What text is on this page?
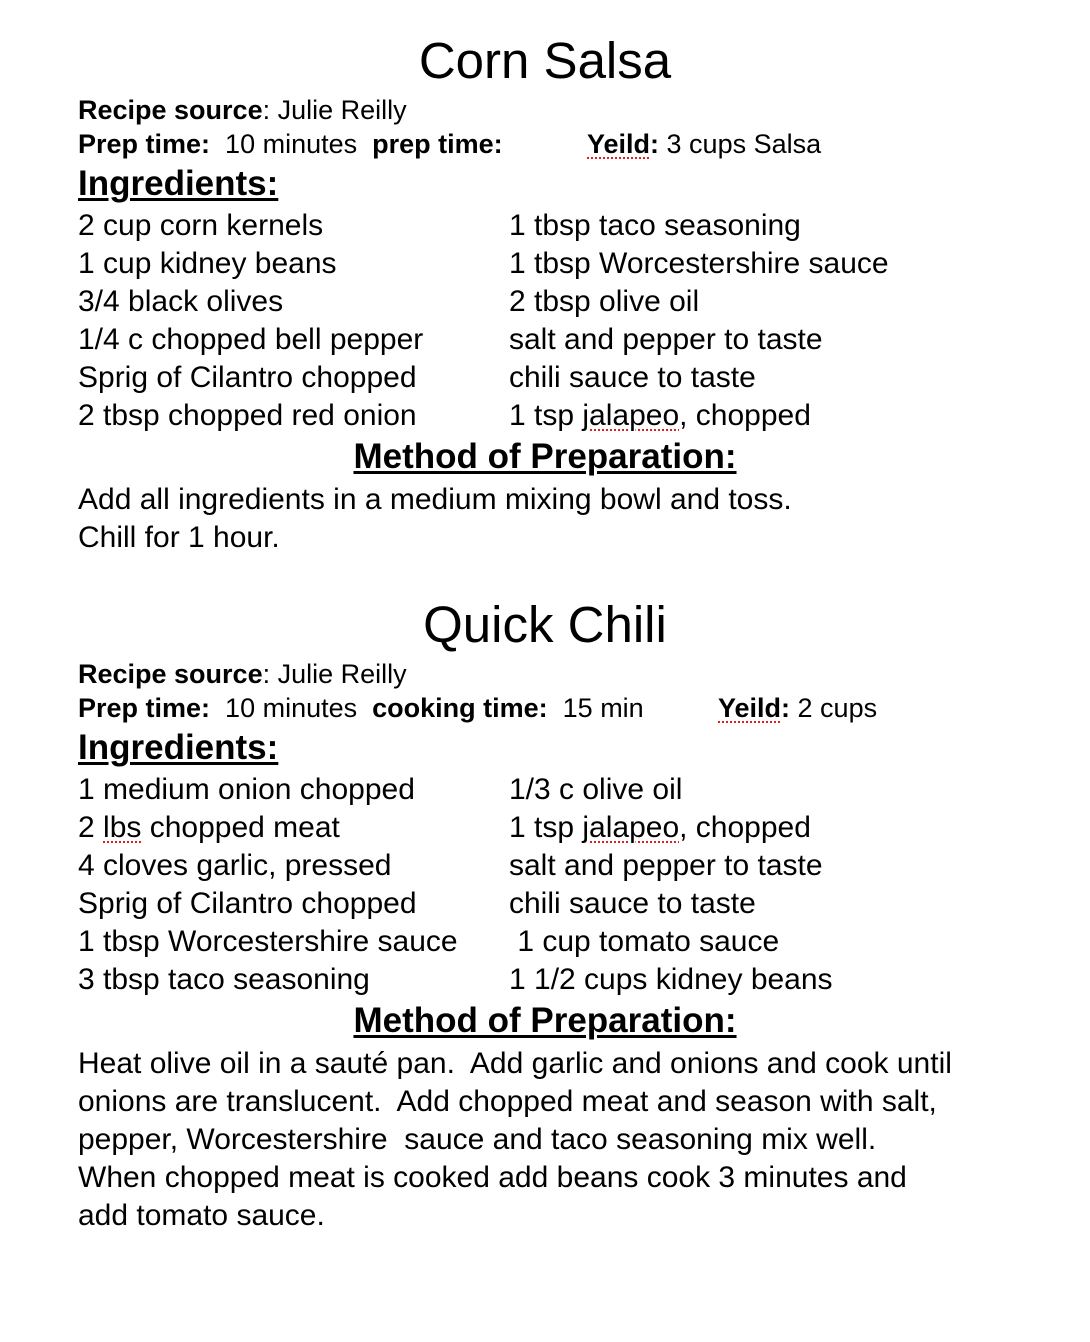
Corn Salsa
Recipe source: Julie Reilly
Prep time:  10 minutes  prep time:	Yeild: 3 cups Salsa
Ingredients:
2 cup corn kernels
1 cup kidney beans
3/4 black olives
1/4 c chopped bell pepper
Sprig of Cilantro chopped
2 tbsp chopped red onion
1 tbsp taco seasoning
1 tbsp Worcestershire sauce
2 tbsp olive oil
salt and pepper to taste
chili sauce to taste
1 tsp jalapeo, chopped
Method of Preparation:
Add all ingredients in a medium mixing bowl and toss.
Chill for 1 hour.
Quick Chili
Recipe source: Julie Reilly
Prep time:  10 minutes  cooking time:  15 min	Yeild: 2 cups
Ingredients:
1 medium onion chopped
2 lbs chopped meat
4 cloves garlic, pressed
Sprig of Cilantro chopped
1 tbsp Worcestershire sauce
3 tbsp taco seasoning
1/3 c olive oil
1 tsp jalapeo, chopped
salt and pepper to taste
chili sauce to taste
1 cup tomato sauce
1 1/2 cups kidney beans
Method of Preparation:
Heat olive oil in a sauté pan.  Add garlic and onions and cook until
onions are translucent.  Add chopped meat and season with salt,
pepper, Worcestershire  sauce and taco seasoning mix well.
When chopped meat is cooked add beans cook 3 minutes and
add tomato sauce.
